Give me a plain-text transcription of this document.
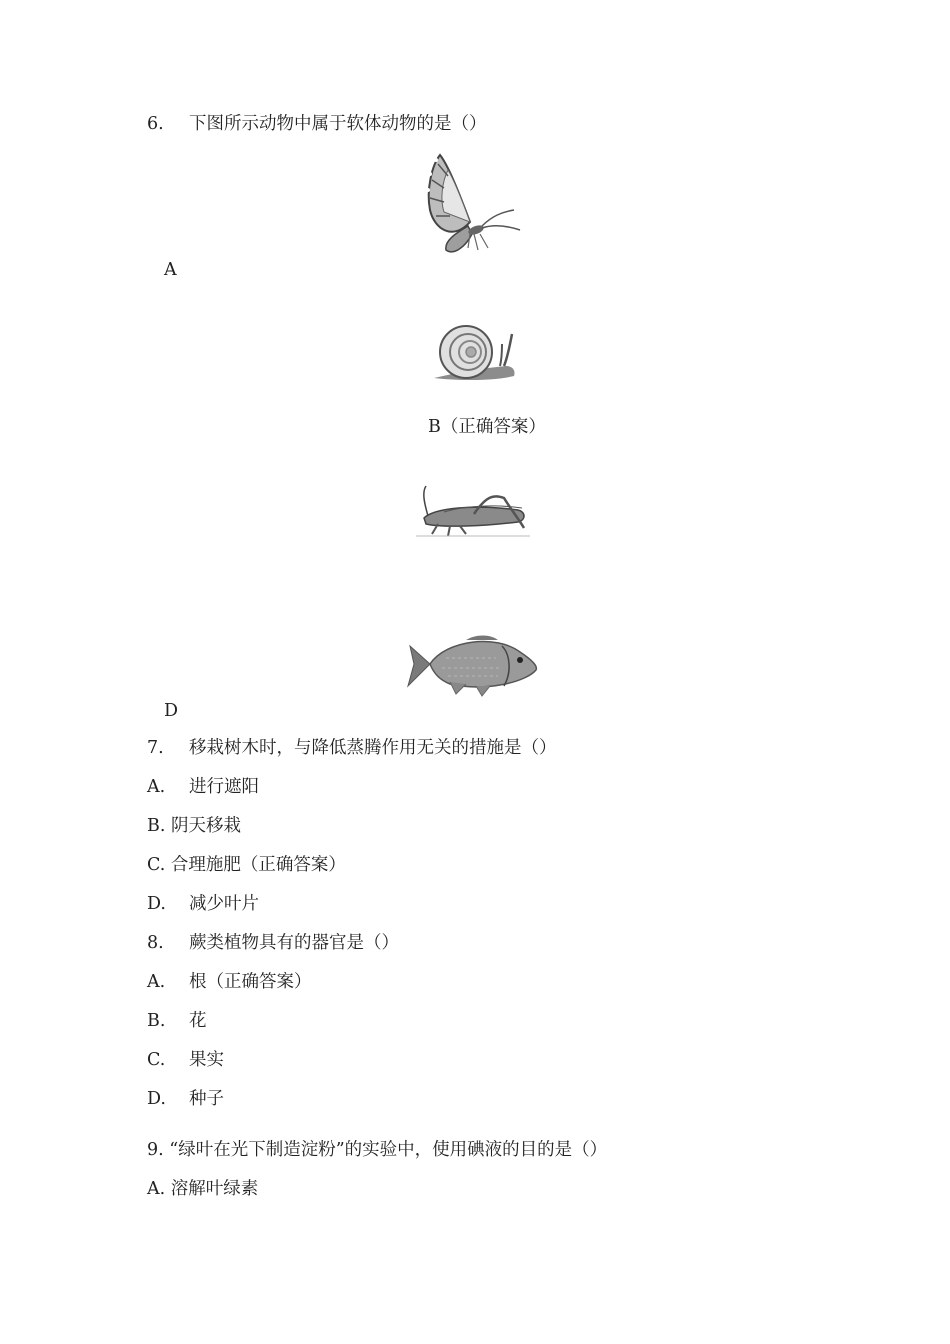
6. 下图所示动物中属于软体动物的是（）
A
B（正确答案）
D
7. 移栽树木时，与降低蒸腾作用无关的措施是（）
A. 进行遮阳
B. 阴天移栽
C. 合理施肥（正确答案）
D. 减少叶片
8. 蕨类植物具有的器官是（）
A. 根（正确答案）
B. 花
C. 果实
D. 种子
9. “绿叶在光下制造淀粉”的实验中，使用碘液的目的是（）
A. 溶解叶绿素
